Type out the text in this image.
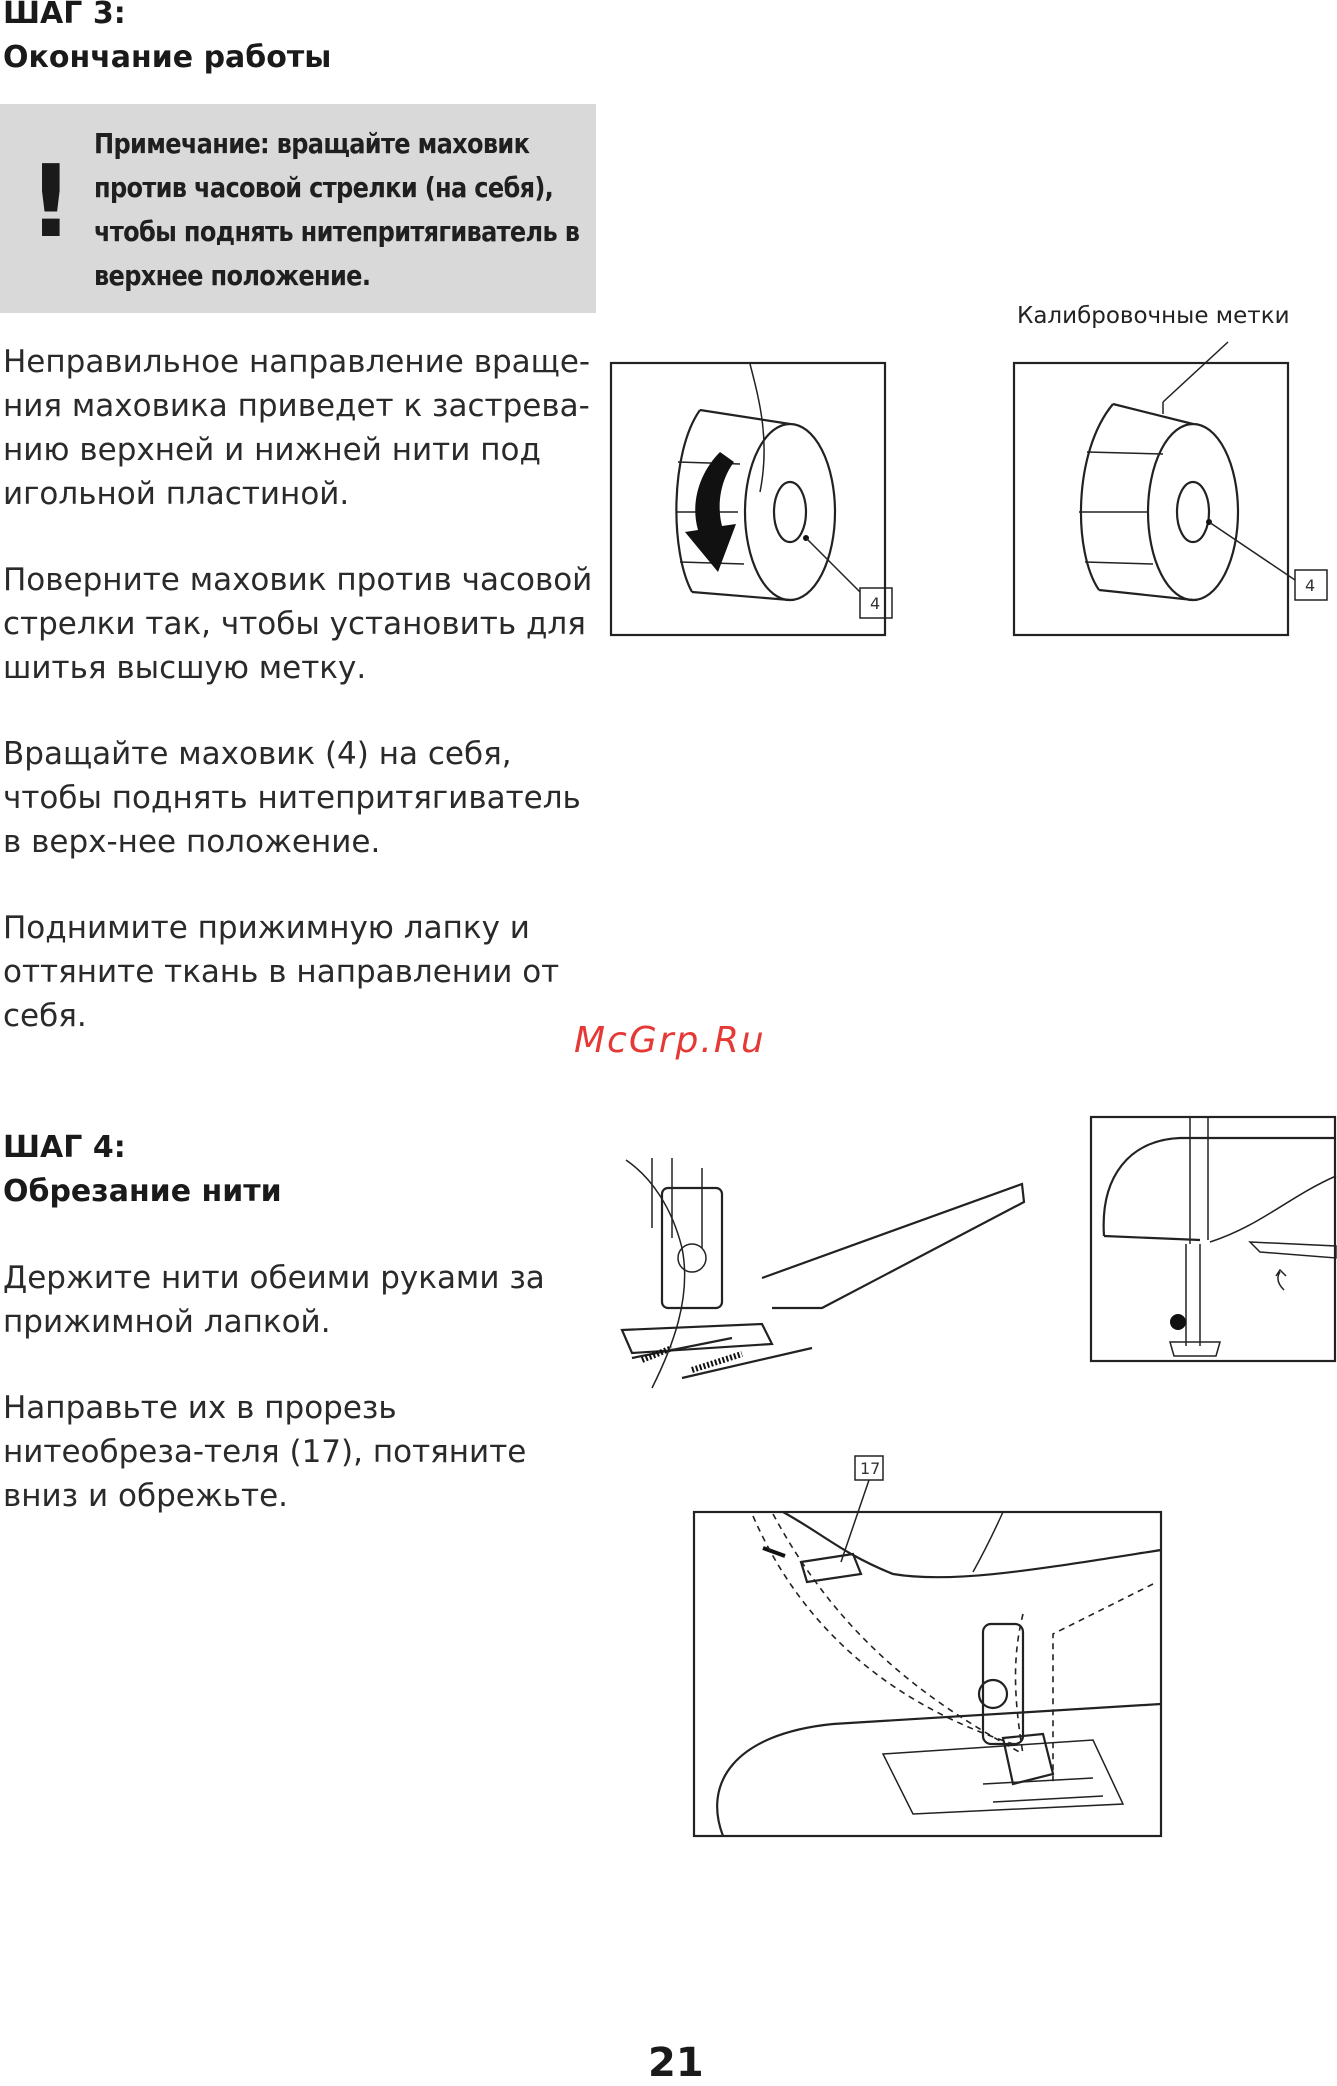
ШАГ 3:
Окончание работы
! Примечание: вращайте маховик против часовой стрелки (на себя), чтобы поднять нитепритягиватель в верхнее положение.
Неправильное направление враще-ния маховика приведет к застрева-нию верхней и нижней нити под игольной пластиной.
Поверните маховик против часовой стрелки так, чтобы установить для шитья высшую метку.
Вращайте маховик (4) на себя, чтобы поднять нитепритягиватель в верх-нее положение.
Поднимите прижимную лапку и оттяните ткань в направлении от себя.
Калибровочные метки
4
4
McGrp.Ru
ШАГ 4:
Обрезание нити
Держите нити обеими руками за прижимной лапкой.
Направьте их в прорезь нитеобреза-теля (17), потяните вниз и обрежьте.
17
21
